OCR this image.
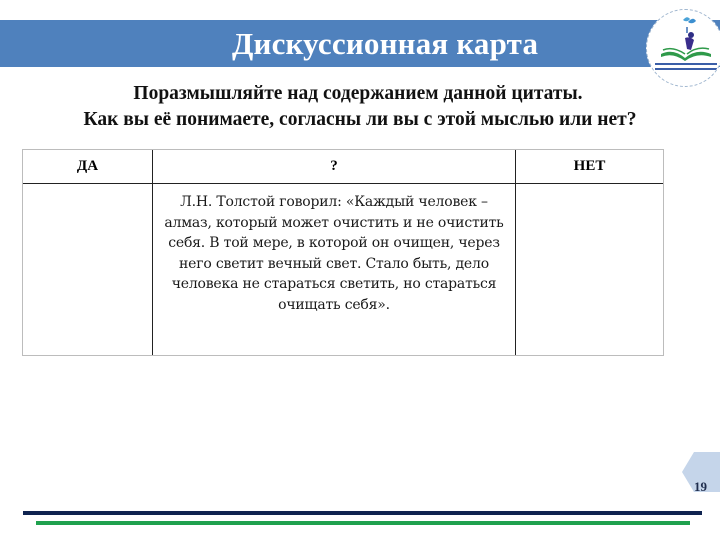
Дискуссионная карта
Поразмышляйте над содержанием данной цитаты.
Как вы её понимаете, согласны ли вы с этой мыслью или нет?
ДА	?	НЕТ

	Л.Н. Толстой говорил: «Каждый человек – алмаз, который может очистить и не очистить себя. В той мере, в которой он очищен, через него светит вечный свет. Стало быть, дело человека не стараться светить, но стараться очищать себя».	

19
